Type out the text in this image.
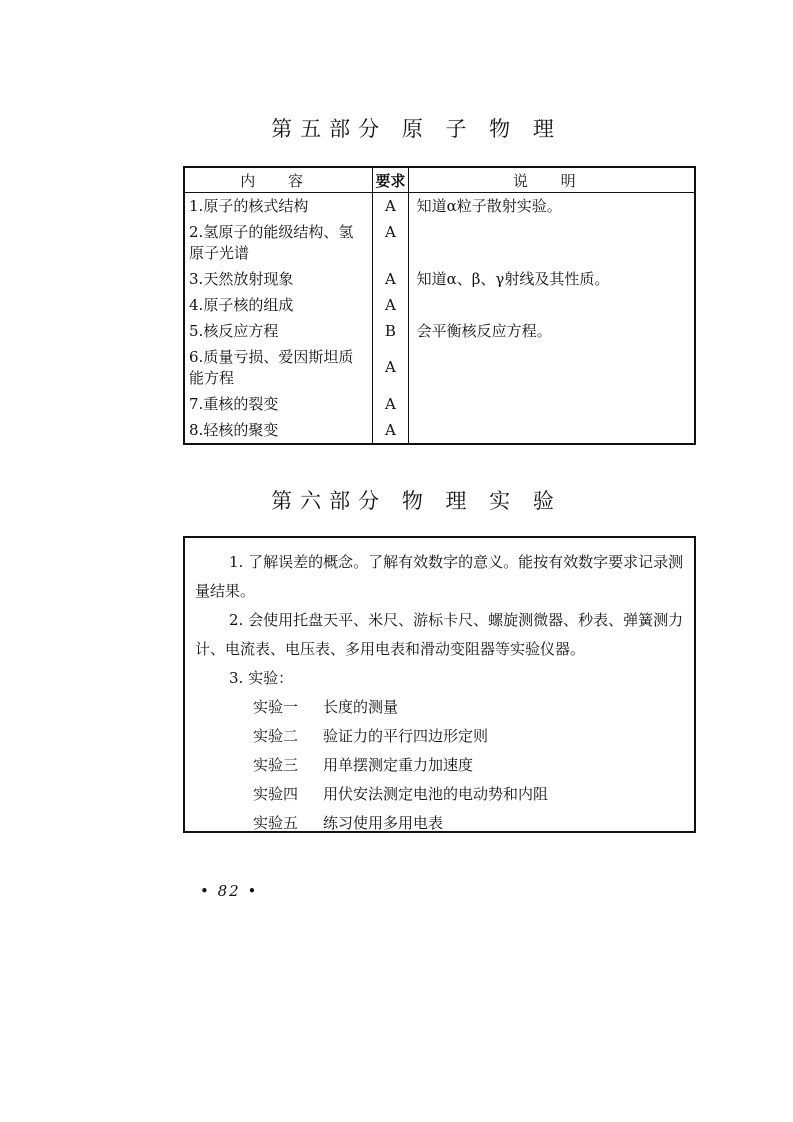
第五部分 原 子 物 理
内 容	要求	说 明
1.原子的核式结构	A	知道α粒子散射实验。
2.氢原子的能级结构、氢原子光谱	A	
3.天然放射现象	A	知道α、β、γ射线及其性质。
4.原子核的组成	A	
5.核反应方程	B	会平衡核反应方程。
6.质量亏损、爱因斯坦质能方程	A	
7.重核的裂变	A	
8.轻核的聚变	A	
第六部分 物 理 实 验

1. 了解误差的概念。了解有效数字的意义。能按有效数字要求记录测量结果。

2. 会使用托盘天平、米尺、游标卡尺、螺旋测微器、秒表、弹簧测力计、电流表、电压表、多用电表和滑动变阻器等实验仪器。

3. 实验：

实验一	长度的测量
实验二	验证力的平行四边形定则
实验三	用单摆测定重力加速度
实验四	用伏安法测定电池的电动势和内阻
实验五	练习使用多用电表
• 82 •
